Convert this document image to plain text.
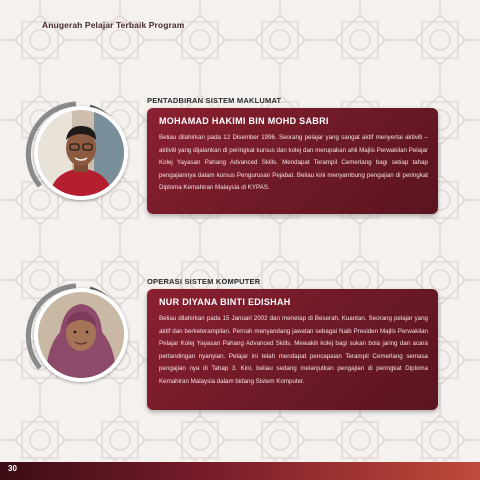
Anugerah Pelajar Terbaik Program
PENTADBIRAN SISTEM MAKLUMAT
MOHAMAD HAKIMI BIN MOHD SABRI
Beliau dilahirkan pada 12 Disember 1996. Seorang pelajar yang sangat aktif menyertai aktiviti – aktiviti yang dijalankan di peringkat kursus dan kolej dan merupakan ahli Majlis Perwakilan Pelajar Kolej Yayasan Pahang Advanced Skills. Mendapat Terampil Cemerlang bagi setiap tahap pengajiannya dalam kursus Pengurusan Pejabat. Beliau kini menyambung pengajian di peringkat Diploma Kemahiran Malaysia di KYPAS.
OPERASI SISTEM KOMPUTER
NUR DIYANA BINTI EDISHAH
Beliau dilahirkan pada 15 Januari 2002 dan menetap di Beserah, Kuantan. Seorang pelajar yang aktif dan berketerampilan. Pernah menyandang jawatan sebagai Naib Presiden Majlis Perwakilan Pelajar Kolej Yayasan Pahang Advanced Skills. Mewakili kolej bagi sukan bola jaring dan acara pertandingan nyanyian. Pelajar ini telah mendapat pencapaian Terampil Cemerlang semasa pengajian nya di Tahap 3. Kini, beliau sedang melanjutkan pengajian di peringkat Diploma Kemahiran Malaysia dalam bidang Sistem Komputer.
30
